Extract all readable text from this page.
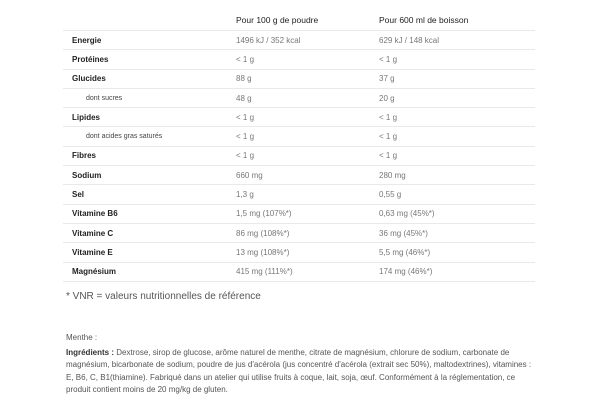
	Pour 100 g de poudre	Pour 600 ml de boisson
Energie	1496 kJ / 352 kcal	629 kJ / 148 kcal
Protéines	< 1 g	< 1 g
Glucides	88 g	37 g
dont sucres	48 g	20 g
Lipides	< 1 g	< 1 g
dont acides gras saturés	< 1 g	< 1 g
Fibres	< 1 g	< 1 g
Sodium	660 mg	280 mg
Sel	1,3 g	0,55 g
Vitamine B6	1,5 mg (107%*)	0,63 mg (45%*)
Vitamine C	86 mg (108%*)	36 mg (45%*)
Vitamine E	13 mg (108%*)	5,5 mg (46%*)
Magnésium	415 mg (111%*)	174 mg (46%*)

* VNR = valeurs nutritionnelles de référence

Menthe :

Ingrédients : Dextrose, sirop de glucose, arôme naturel de menthe, citrate de magnésium, chlorure de sodium, carbonate de magnésium, bicarbonate de sodium, poudre de jus d'acérola (jus concentré d'acérola (extrait sec 50%), maltodextrines), vitamines : E, B6, C, B1(thiamine). Fabriqué dans un atelier qui utilise fruits à coque, lait, soja, œuf. Conformément à la réglementation, ce produit contient moins de 20 mg/kg de gluten.
